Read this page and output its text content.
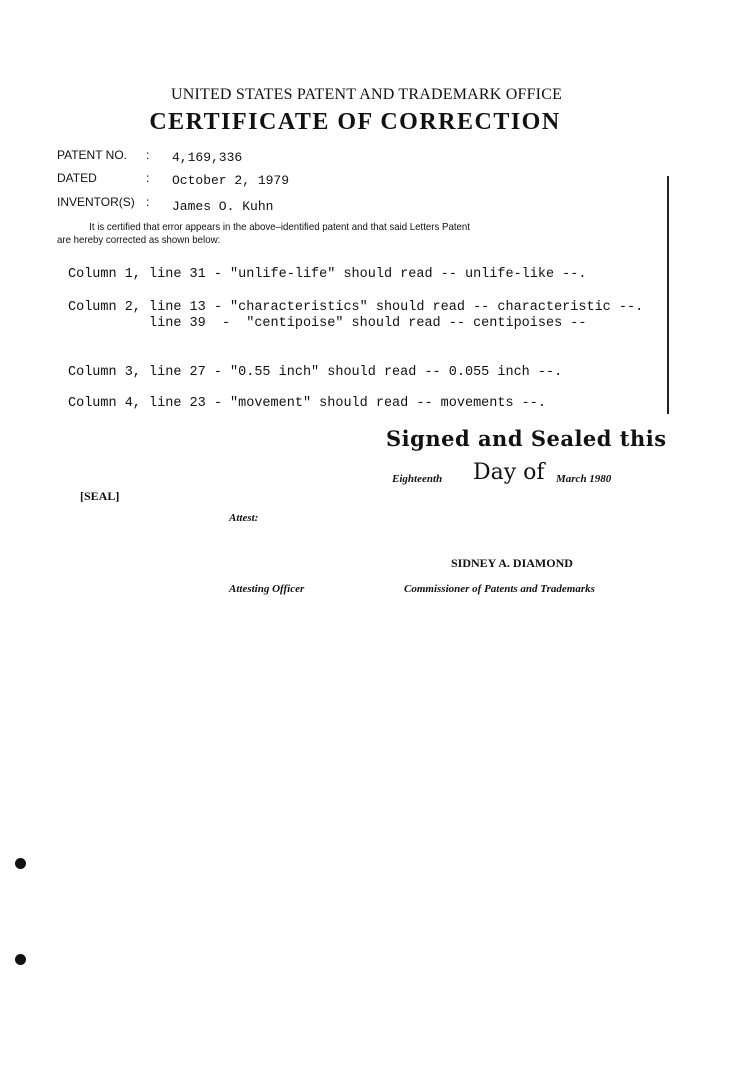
UNITED STATES PATENT AND TRADEMARK OFFICE
CERTIFICATE OF CORRECTION
PATENT NO. : 4,169,336
DATED	: October 2, 1979
INVENTOR(S) : James O. Kuhn
It is certified that error appears in the above–identified patent and that said Letters Patent
are hereby corrected as shown below:
Column 1, line 31 - "unlife-life" should read -- unlife-like --.
Column 2, line 13 - "characteristics" should read -- characteristic --.
line 39  -  "centipoise" should read -- centipoises --
Column 3, line 27 - "0.55 inch" should read -- 0.055 inch --.
Column 4, line 23 - "movement" should read -- movements --.
Signed and Sealed this
Eighteenth Day of March 1980
[SEAL]
Attest:
SIDNEY A. DIAMOND
Attesting Officer	Commissioner of Patents and Trademarks
